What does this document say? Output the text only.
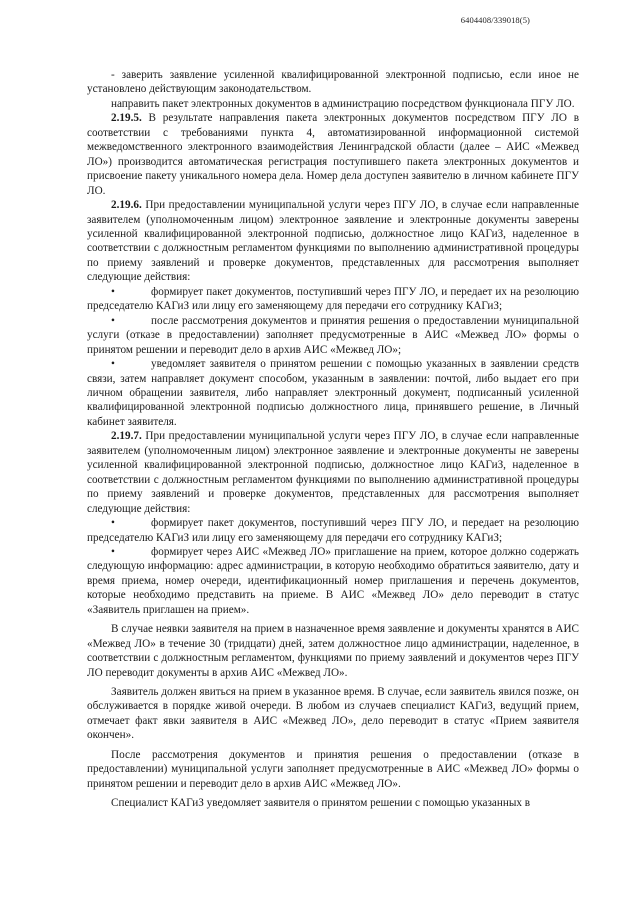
6404408/339018(5)

- заверить заявление усиленной квалифицированной электронной подписью, если иное не установлено действующим законодательством.

направить пакет электронных документов в администрацию посредством функционала ПГУ ЛО.

2.19.5. В результате направления пакета электронных документов посредством ПГУ ЛО в соответствии с требованиями пункта 4, автоматизированной информационной системой межведомственного электронного взаимодействия Ленинградской области (далее – АИС «Межвед ЛО») производится автоматическая регистрация поступившего пакета электронных документов и присвоение пакету уникального номера дела. Номер дела доступен заявителю в личном кабинете ПГУ ЛО.

2.19.6. При предоставлении муниципальной услуги через ПГУ ЛО, в случае если направленные заявителем (уполномоченным лицом) электронное заявление и электронные документы заверены усиленной квалифицированной электронной подписью, должностное лицо КАГиЗ, наделенное в соответствии с должностным регламентом функциями по выполнению административной процедуры по приему заявлений и проверке документов, представленных для рассмотрения выполняет следующие действия:

•	формирует пакет документов, поступивший через ПГУ ЛО, и передает их на резолюцию председателю КАГиЗ или лицу его заменяющему для передачи его сотруднику КАГиЗ;

•	после рассмотрения документов и принятия решения о предоставлении муниципальной услуги (отказе в предоставлении) заполняет предусмотренные в АИС «Межвед ЛО» формы о принятом решении и переводит дело в архив АИС «Межвед ЛО»;

•	уведомляет заявителя о принятом решении с помощью указанных в заявлении средств связи, затем направляет документ способом, указанным в заявлении: почтой, либо выдает его при личном обращении заявителя, либо направляет электронный документ, подписанный усиленной квалифицированной электронной подписью должностного лица, принявшего решение, в Личный кабинет заявителя.

2.19.7. При предоставлении муниципальной услуги через ПГУ ЛО, в случае если направленные заявителем (уполномоченным лицом) электронное заявление и электронные документы не заверены усиленной квалифицированной электронной подписью, должностное лицо КАГиЗ, наделенное в соответствии с должностным регламентом функциями по выполнению административной процедуры по приему заявлений и проверке документов, представленных для рассмотрения выполняет следующие действия:

•	формирует пакет документов, поступивший через ПГУ ЛО, и передает на резолюцию председателю КАГиЗ или лицу его заменяющему для передачи его сотруднику КАГиЗ;

•	формирует через АИС «Межвед ЛО» приглашение на прием, которое должно содержать следующую информацию: адрес администрации, в которую необходимо обратиться заявителю, дату и время приема, номер очереди, идентификационный номер приглашения и перечень документов, которые необходимо представить на приеме. В АИС «Межвед ЛО» дело переводит в статус «Заявитель приглашен на прием».

В случае неявки заявителя на прием в назначенное время заявление и документы хранятся в АИС «Межвед ЛО» в течение 30 (тридцати) дней, затем должностное лицо администрации, наделенное, в соответствии с должностным регламентом, функциями по приему заявлений и документов через ПГУ ЛО переводит документы в архив АИС «Межвед ЛО».

Заявитель должен явиться на прием в указанное время. В случае, если заявитель явился позже, он обслуживается в порядке живой очереди. В любом из случаев специалист КАГиЗ, ведущий прием, отмечает факт явки заявителя в АИС «Межвед ЛО», дело переводит в статус «Прием заявителя окончен».

После рассмотрения документов и принятия решения о предоставлении (отказе в предоставлении) муниципальной услуги заполняет предусмотренные в АИС «Межвед ЛО» формы о принятом решении и переводит дело в архив АИС «Межвед ЛО».

Специалист КАГиЗ уведомляет заявителя о принятом решении с помощью указанных в
